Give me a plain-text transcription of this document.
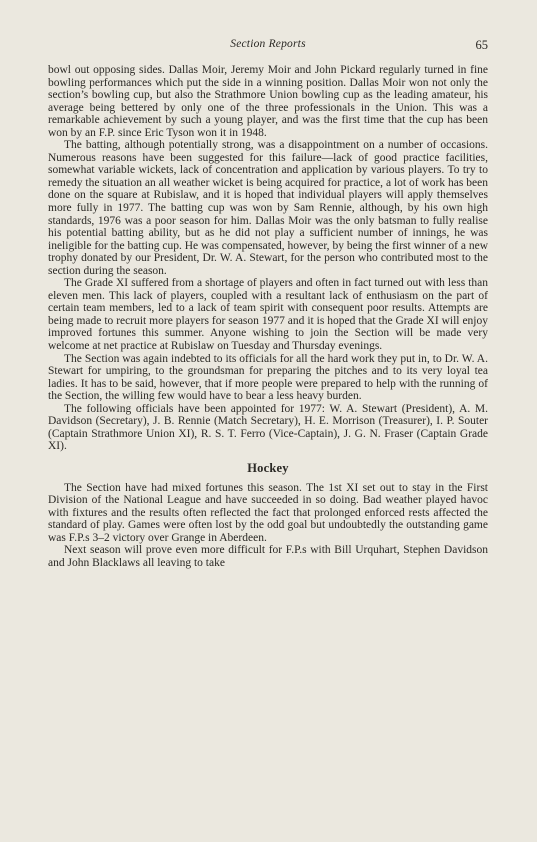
Section Reports	65

bowl out opposing sides. Dallas Moir, Jeremy Moir and John Pickard regularly turned in fine bowling performances which put the side in a winning position. Dallas Moir won not only the section’s bowling cup, but also the Strathmore Union bowling cup as the leading amateur, his average being bettered by only one of the three professionals in the Union. This was a remarkable achievement by such a young player, and was the first time that the cup has been won by an F.P. since Eric Tyson won it in 1948.

The batting, although potentially strong, was a disappointment on a number of occasions. Numerous reasons have been suggested for this failure—lack of good practice facilities, somewhat variable wickets, lack of concentration and application by various players. To try to remedy the situation an all weather wicket is being acquired for practice, a lot of work has been done on the square at Rubislaw, and it is hoped that individual players will apply themselves more fully in 1977. The batting cup was won by Sam Rennie, although, by his own high standards, 1976 was a poor season for him. Dallas Moir was the only batsman to fully realise his potential batting ability, but as he did not play a sufficient number of innings, he was ineligible for the batting cup. He was compensated, however, by being the first winner of a new trophy donated by our President, Dr. W. A. Stewart, for the person who contributed most to the section during the season.

The Grade XI suffered from a shortage of players and often in fact turned out with less than eleven men. This lack of players, coupled with a resultant lack of enthusiasm on the part of certain team members, led to a lack of team spirit with consequent poor results. Attempts are being made to recruit more players for season 1977 and it is hoped that the Grade XI will enjoy improved fortunes this summer. Anyone wishing to join the Section will be made very welcome at net practice at Rubislaw on Tuesday and Thursday evenings.

The Section was again indebted to its officials for all the hard work they put in, to Dr. W. A. Stewart for umpiring, to the groundsman for preparing the pitches and to its very loyal tea ladies. It has to be said, however, that if more people were prepared to help with the running of the Section, the willing few would have to bear a less heavy burden.

The following officials have been appointed for 1977: W. A. Stewart (President), A. M. Davidson (Secretary), J. B. Rennie (Match Secretary), H. E. Morrison (Treasurer), I. P. Souter (Captain Strathmore Union XI), R. S. T. Ferro (Vice-Captain), J. G. N. Fraser (Captain Grade XI).

Hockey

The Section have had mixed fortunes this season. The 1st XI set out to stay in the First Division of the National League and have succeeded in so doing. Bad weather played havoc with fixtures and the results often reflected the fact that prolonged enforced rests affected the standard of play. Games were often lost by the odd goal but undoubtedly the outstanding game was F.P.s 3–2 victory over Grange in Aberdeen.

Next season will prove even more difficult for F.P.s with Bill Urquhart, Stephen Davidson and John Blacklaws all leaving to take
